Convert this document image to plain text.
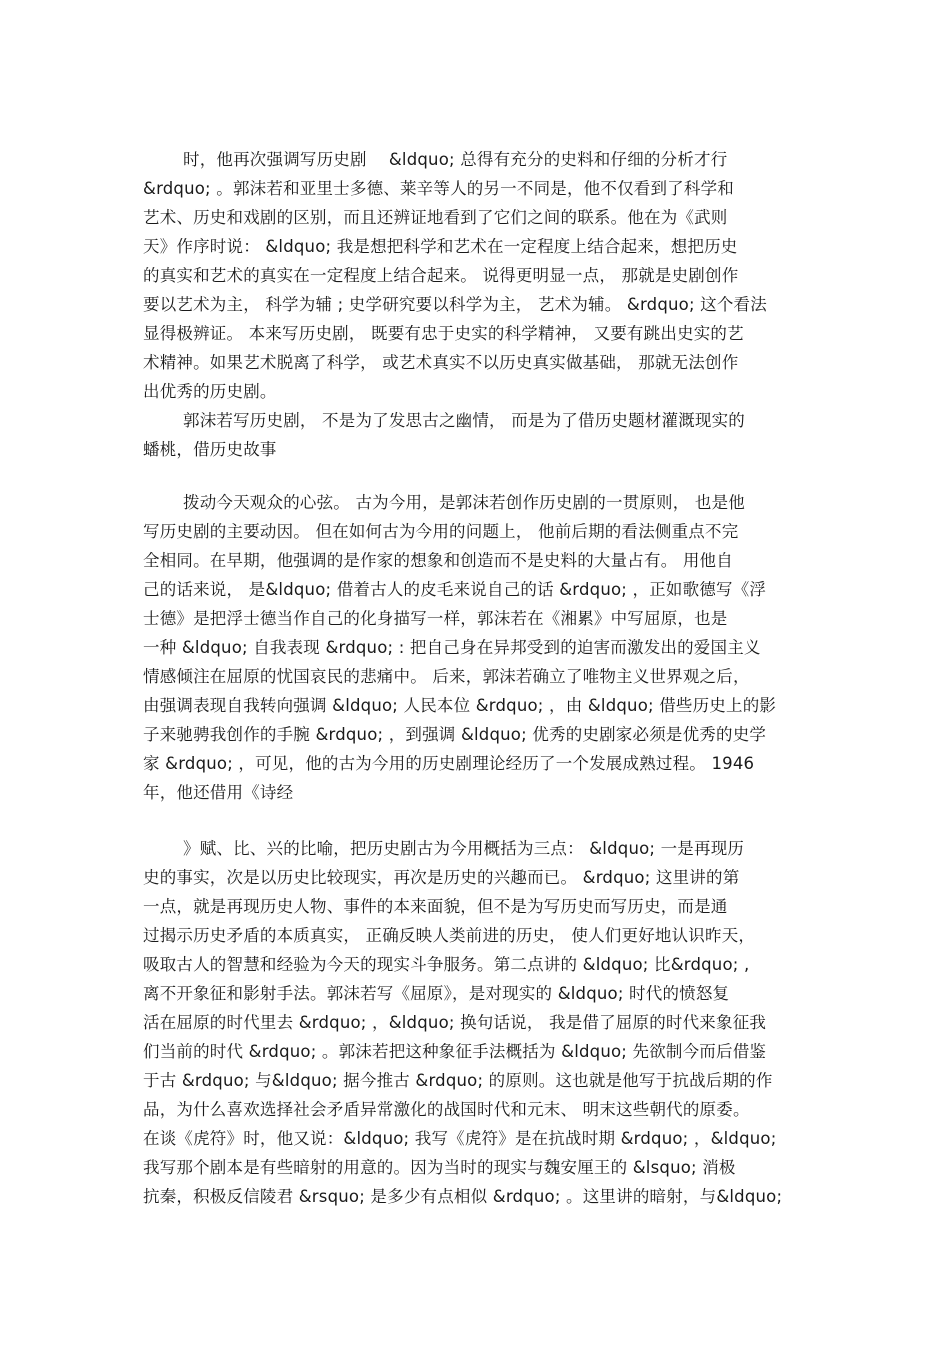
时，他再次强调写历史剧　 &ldquo; 总得有充分的史料和仔细的分析才行
&rdquo; 。郭沫若和亚里士多德、莱辛等人的另一不同是，他不仅看到了科学和
艺术、历史和戏剧的区别，而且还辨证地看到了它们之间的联系。他在为《武则
天》作序时说： &ldquo; 我是想把科学和艺术在一定程度上结合起来，想把历史
的真实和艺术的真实在一定程度上结合起来。 说得更明显一点， 那就是史剧创作
要以艺术为主， 科学为辅 ; 史学研究要以科学为主， 艺术为辅。 &rdquo; 这个看法
显得极辨证。 本来写历史剧， 既要有忠于史实的科学精神， 又要有跳出史实的艺
术精神。如果艺术脱离了科学， 或艺术真实不以历史真实做基础， 那就无法创作
出优秀的历史剧。
郭沫若写历史剧， 不是为了发思古之幽情， 而是为了借历史题材灌溉现实的
蟠桃，借历史故事
拨动今天观众的心弦。 古为今用，是郭沫若创作历史剧的一贯原则， 也是他
写历史剧的主要动因。 但在如何古为今用的问题上， 他前后期的看法侧重点不完
全相同。在早期，他强调的是作家的想象和创造而不是史料的大量占有。 用他自
己的话来说， 是&ldquo; 借着古人的皮毛来说自己的话 &rdquo; ，正如歌德写《浮
士德》是把浮士德当作自己的化身描写一样，郭沫若在《湘累》中写屈原，也是
一种 &ldquo; 自我表现 &rdquo; : 把自己身在异邦受到的迫害而激发出的爱国主义
情感倾注在屈原的忧国哀民的悲痛中。 后来，郭沫若确立了唯物主义世界观之后，
由强调表现自我转向强调 &ldquo; 人民本位 &rdquo; ，由 &ldquo; 借些历史上的影
子来驰骋我创作的手腕 &rdquo; ，到强调 &ldquo; 优秀的史剧家必须是优秀的史学
家 &rdquo; ，可见，他的古为今用的历史剧理论经历了一个发展成熟过程。 1946
年，他还借用《诗经
》赋、比、兴的比喻，把历史剧古为今用概括为三点： &ldquo; 一是再现历
史的事实，次是以历史比较现实，再次是历史的兴趣而已。 &rdquo; 这里讲的第
一点，就是再现历史人物、事件的本来面貌，但不是为写历史而写历史，而是通
过揭示历史矛盾的本质真实， 正确反映人类前进的历史， 使人们更好地认识昨天，
吸取古人的智慧和经验为今天的现实斗争服务。第二点讲的 &ldquo; 比&rdquo; ,
离不开象征和影射手法。郭沫若写《屈原》，是对现实的 &ldquo; 时代的愤怒复
活在屈原的时代里去 &rdquo; ，&ldquo; 换句话说， 我是借了屈原的时代来象征我
们当前的时代 &rdquo; 。郭沫若把这种象征手法概括为 &ldquo; 先欲制今而后借鉴
于古 &rdquo; 与&ldquo; 据今推古 &rdquo; 的原则。这也就是他写于抗战后期的作
品，为什么喜欢选择社会矛盾异常激化的战国时代和元末、 明末这些朝代的原委。
在谈《虎符》时，他又说：&ldquo; 我写《虎符》是在抗战时期 &rdquo; ，&ldquo;
我写那个剧本是有些暗射的用意的。因为当时的现实与魏安厘王的 &lsquo; 消极
抗秦，积极反信陵君 &rsquo; 是多少有点相似 &rdquo; 。这里讲的暗射，与&ldquo;
